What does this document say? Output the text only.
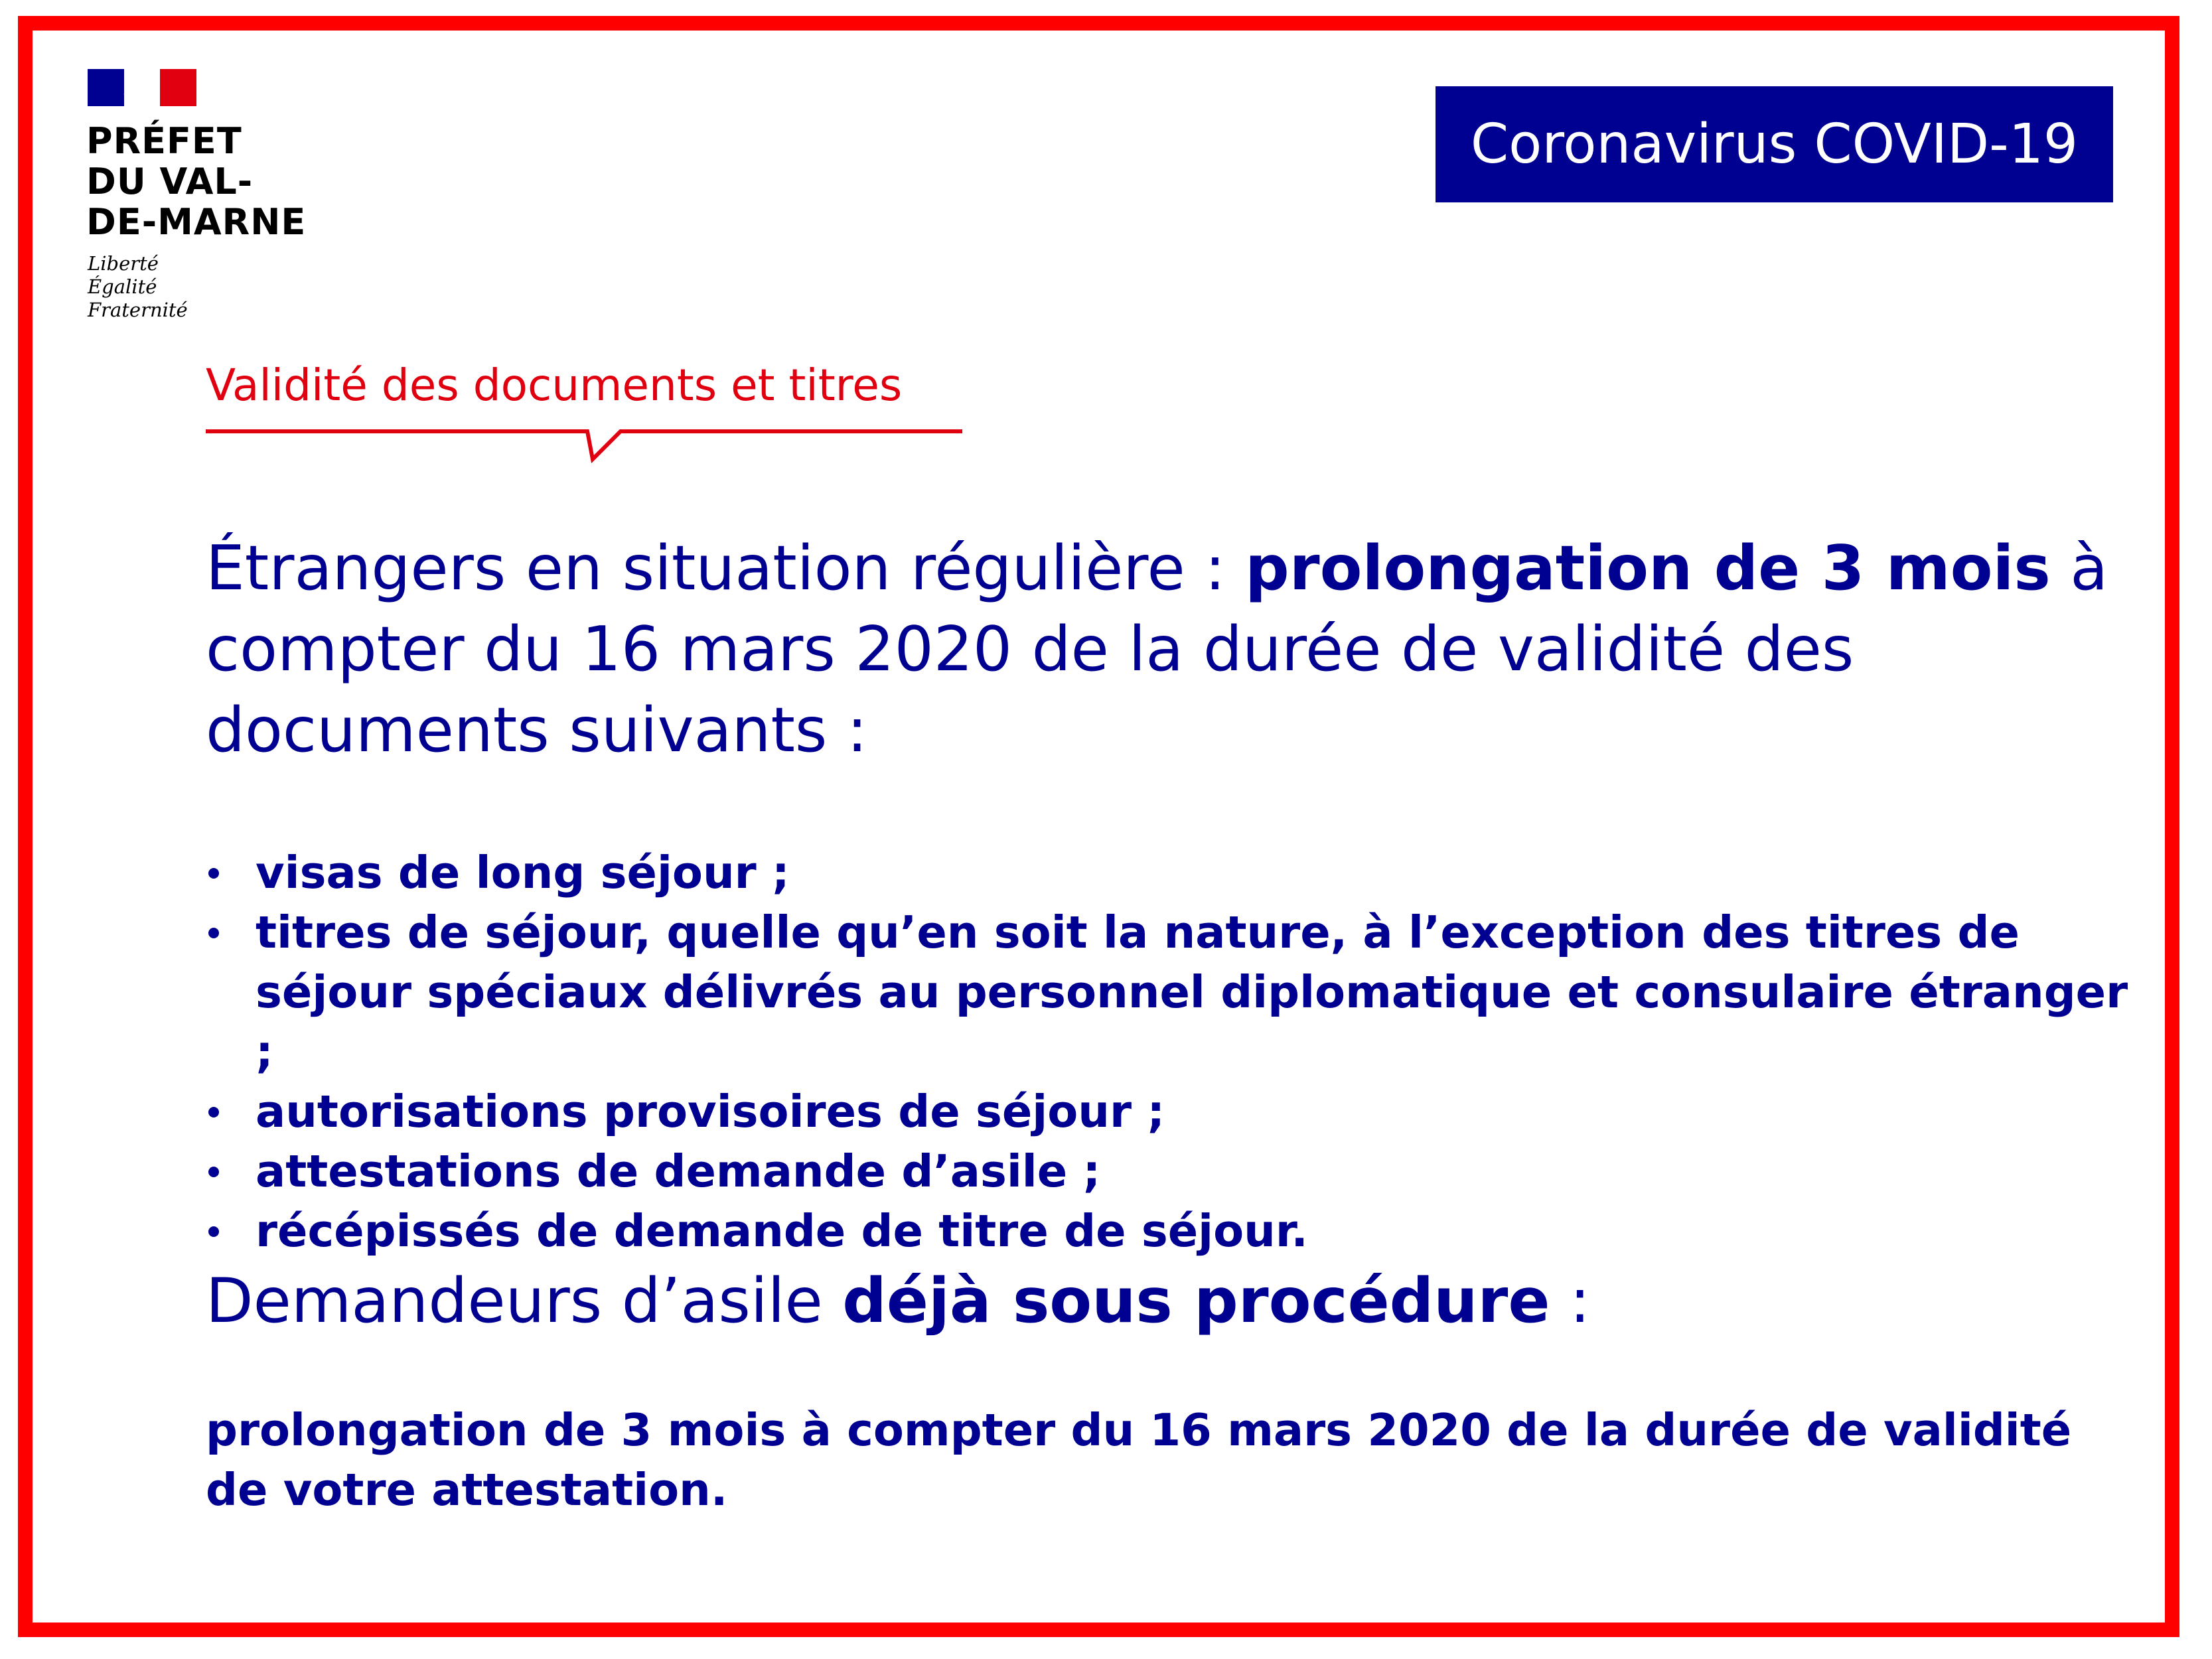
PRÉFET
DU VAL-
DE-MARNE
Liberté
Égalité
Fraternité
Coronavirus COVID-19
Validité des documents et titres
Étrangers en situation régulière : prolongation de 3 mois à compter du 16 mars 2020 de la durée de validité des documents suivants :
visas de long séjour ;
titres de séjour, quelle qu’en soit la nature, à l’exception des titres de séjour spéciaux délivrés au personnel diplomatique et consulaire étranger ;
autorisations provisoires de séjour ;
attestations de demande d’asile ;
récépissés de demande de titre de séjour.
Demandeurs d’asile déjà sous procédure :
prolongation de 3 mois à compter du 16 mars 2020 de la durée de validité de votre attestation.
